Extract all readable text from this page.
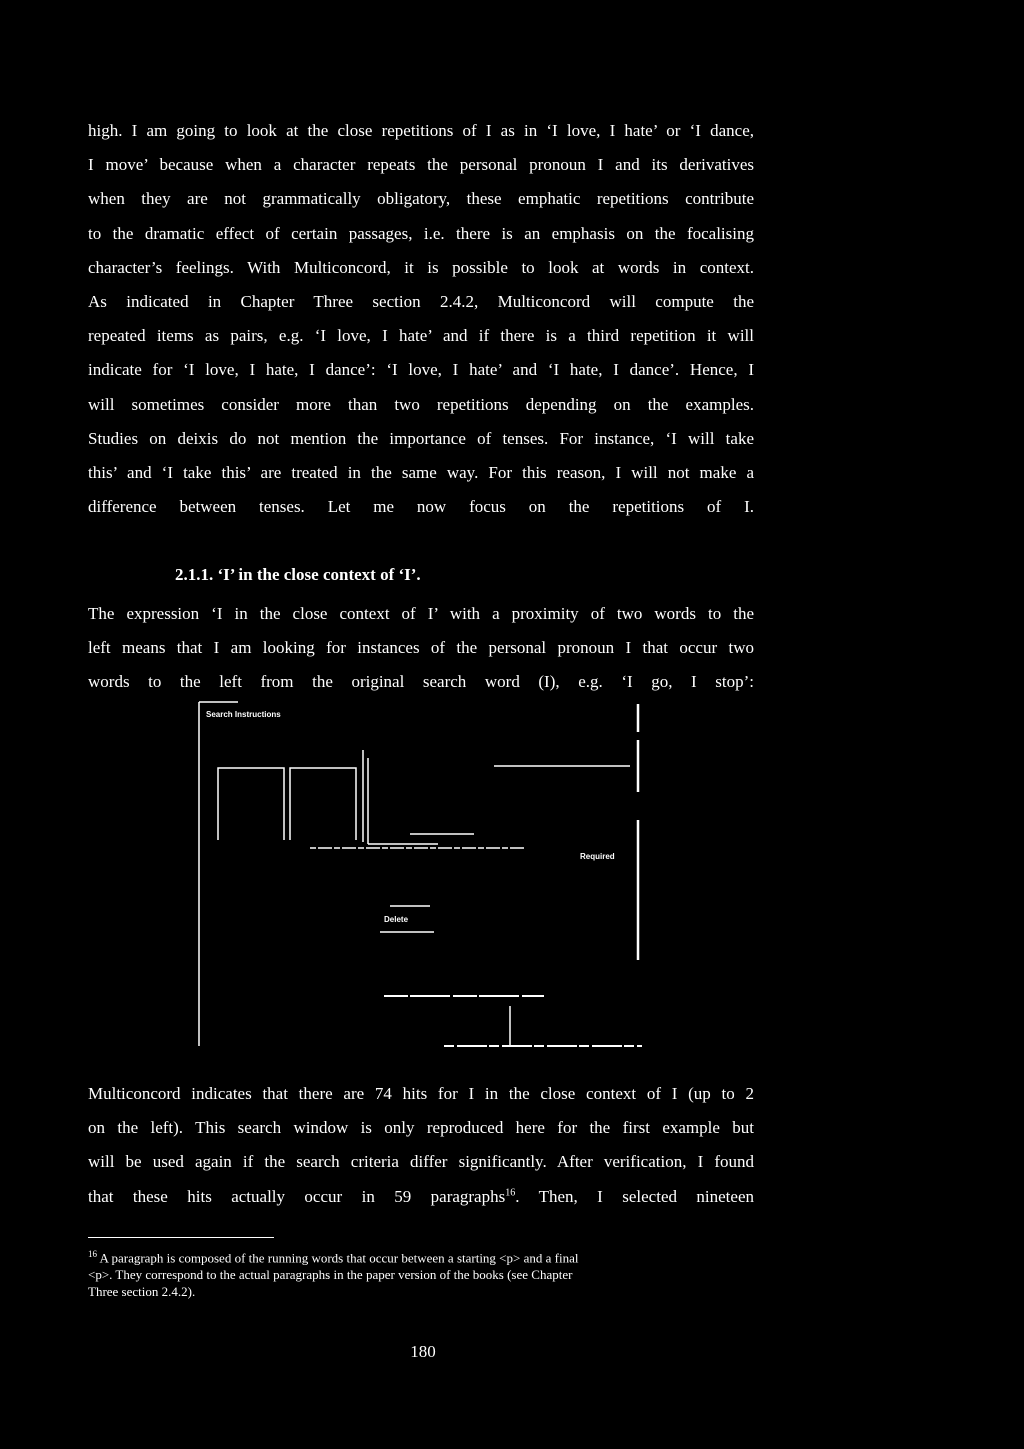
high. I am going to look at the close repetitions of I as in ‘I love, I hate’ or ‘I dance,
I move’ because when a character repeats the personal pronoun I and its derivatives
when they are not grammatically obligatory, these emphatic repetitions contribute
to the dramatic effect of certain passages, i.e. there is an emphasis on the focalising
character’s feelings. With Multiconcord, it is possible to look at words in context.
As indicated in Chapter Three section 2.4.2, Multiconcord will compute the
repeated items as pairs, e.g. ‘I love, I hate’ and if there is a third repetition it will
indicate for ‘I love, I hate, I dance’: ‘I love, I hate’ and ‘I hate, I dance’. Hence, I
will sometimes consider more than two repetitions depending on the examples.
Studies on deixis do not mention the importance of tenses. For instance, ‘I will take
this’ and ‘I take this’ are treated in the same way. For this reason, I will not make a
difference between tenses. Let me now focus on the repetitions of I.
2.1.1. ‘I’ in the close context of ‘I’.
The expression ‘I in the close context of I’ with a proximity of two words to the
left means that I am looking for instances of the personal pronoun I that occur two
words to the left from the original search word (I), e.g. ‘I go, I stop’:
Search Instructions
Required
Delete
Multiconcord indicates that there are 74 hits for I in the close context of I (up to 2
on the left). This search window is only reproduced here for the first example but
will be used again if the search criteria differ significantly. After verification, I found
that these hits actually occur in 59 paragraphs$^{16}$. Then, I selected nineteen
$^{16}$ A paragraph is composed of the running words that occur between a starting <p> and a final
<p>. They correspond to the actual paragraphs in the paper version of the books (see Chapter
Three section 2.4.2).
180
